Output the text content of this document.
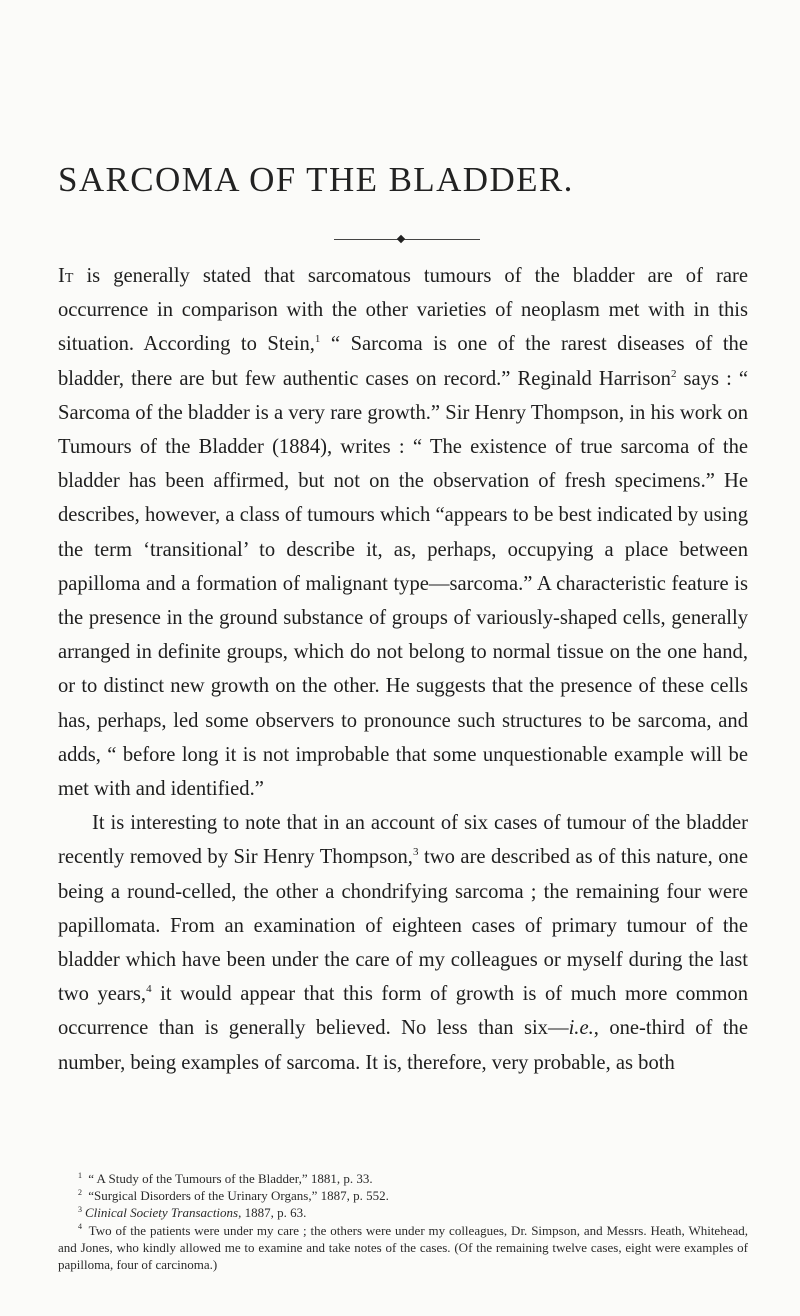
SARCOMA OF THE BLADDER.

It is generally stated that sarcomatous tumours of the bladder are of rare occurrence in comparison with the other varieties of neoplasm met with in this situation. According to Stein,$^1$ “ Sarcoma is one of the rarest diseases of the bladder, there are but few authentic cases on record.” Reginald Harrison$^2$ says : “ Sarcoma of the bladder is a very rare growth.” Sir Henry Thompson, in his work on Tumours of the Bladder (1884), writes : “ The existence of true sarcoma of the bladder has been affirmed, but not on the observation of fresh specimens.” He describes, however, a class of tumours which “appears to be best indicated by using the term ‘transitional’ to describe it, as, perhaps, occupying a place between papilloma and a formation of malignant type—sarcoma.” A characteristic feature is the presence in the ground substance of groups of variously-shaped cells, generally arranged in definite groups, which do not belong to normal tissue on the one hand, or to distinct new growth on the other. He suggests that the presence of these cells has, perhaps, led some observers to pronounce such structures to be sarcoma, and adds, “ before long it is not improbable that some unquestionable example will be met with and identified.”

It is interesting to note that in an account of six cases of tumour of the bladder recently removed by Sir Henry Thompson,$^3$ two are described as of this nature, one being a round-celled, the other a chondrifying sarcoma ; the remaining four were papillomata. From an examination of eighteen cases of primary tumour of the bladder which have been under the care of my colleagues or myself during the last two years,$^4$ it would appear that this form of growth is of much more common occurrence than is generally believed. No less than six—i.e., one-third of the number, being examples of sarcoma. It is, therefore, very probable, as both

$^1$ “ A Study of the Tumours of the Bladder,” 1881, p. 33.
$^2$ “Surgical Disorders of the Urinary Organs,” 1887, p. 552.
$^3$ Clinical Society Transactions, 1887, p. 63.
$^4$ Two of the patients were under my care ; the others were under my colleagues, Dr. Simpson, and Messrs. Heath, Whitehead, and Jones, who kindly allowed me to examine and take notes of the cases. (Of the remaining twelve cases, eight were examples of papilloma, four of carcinoma.)
